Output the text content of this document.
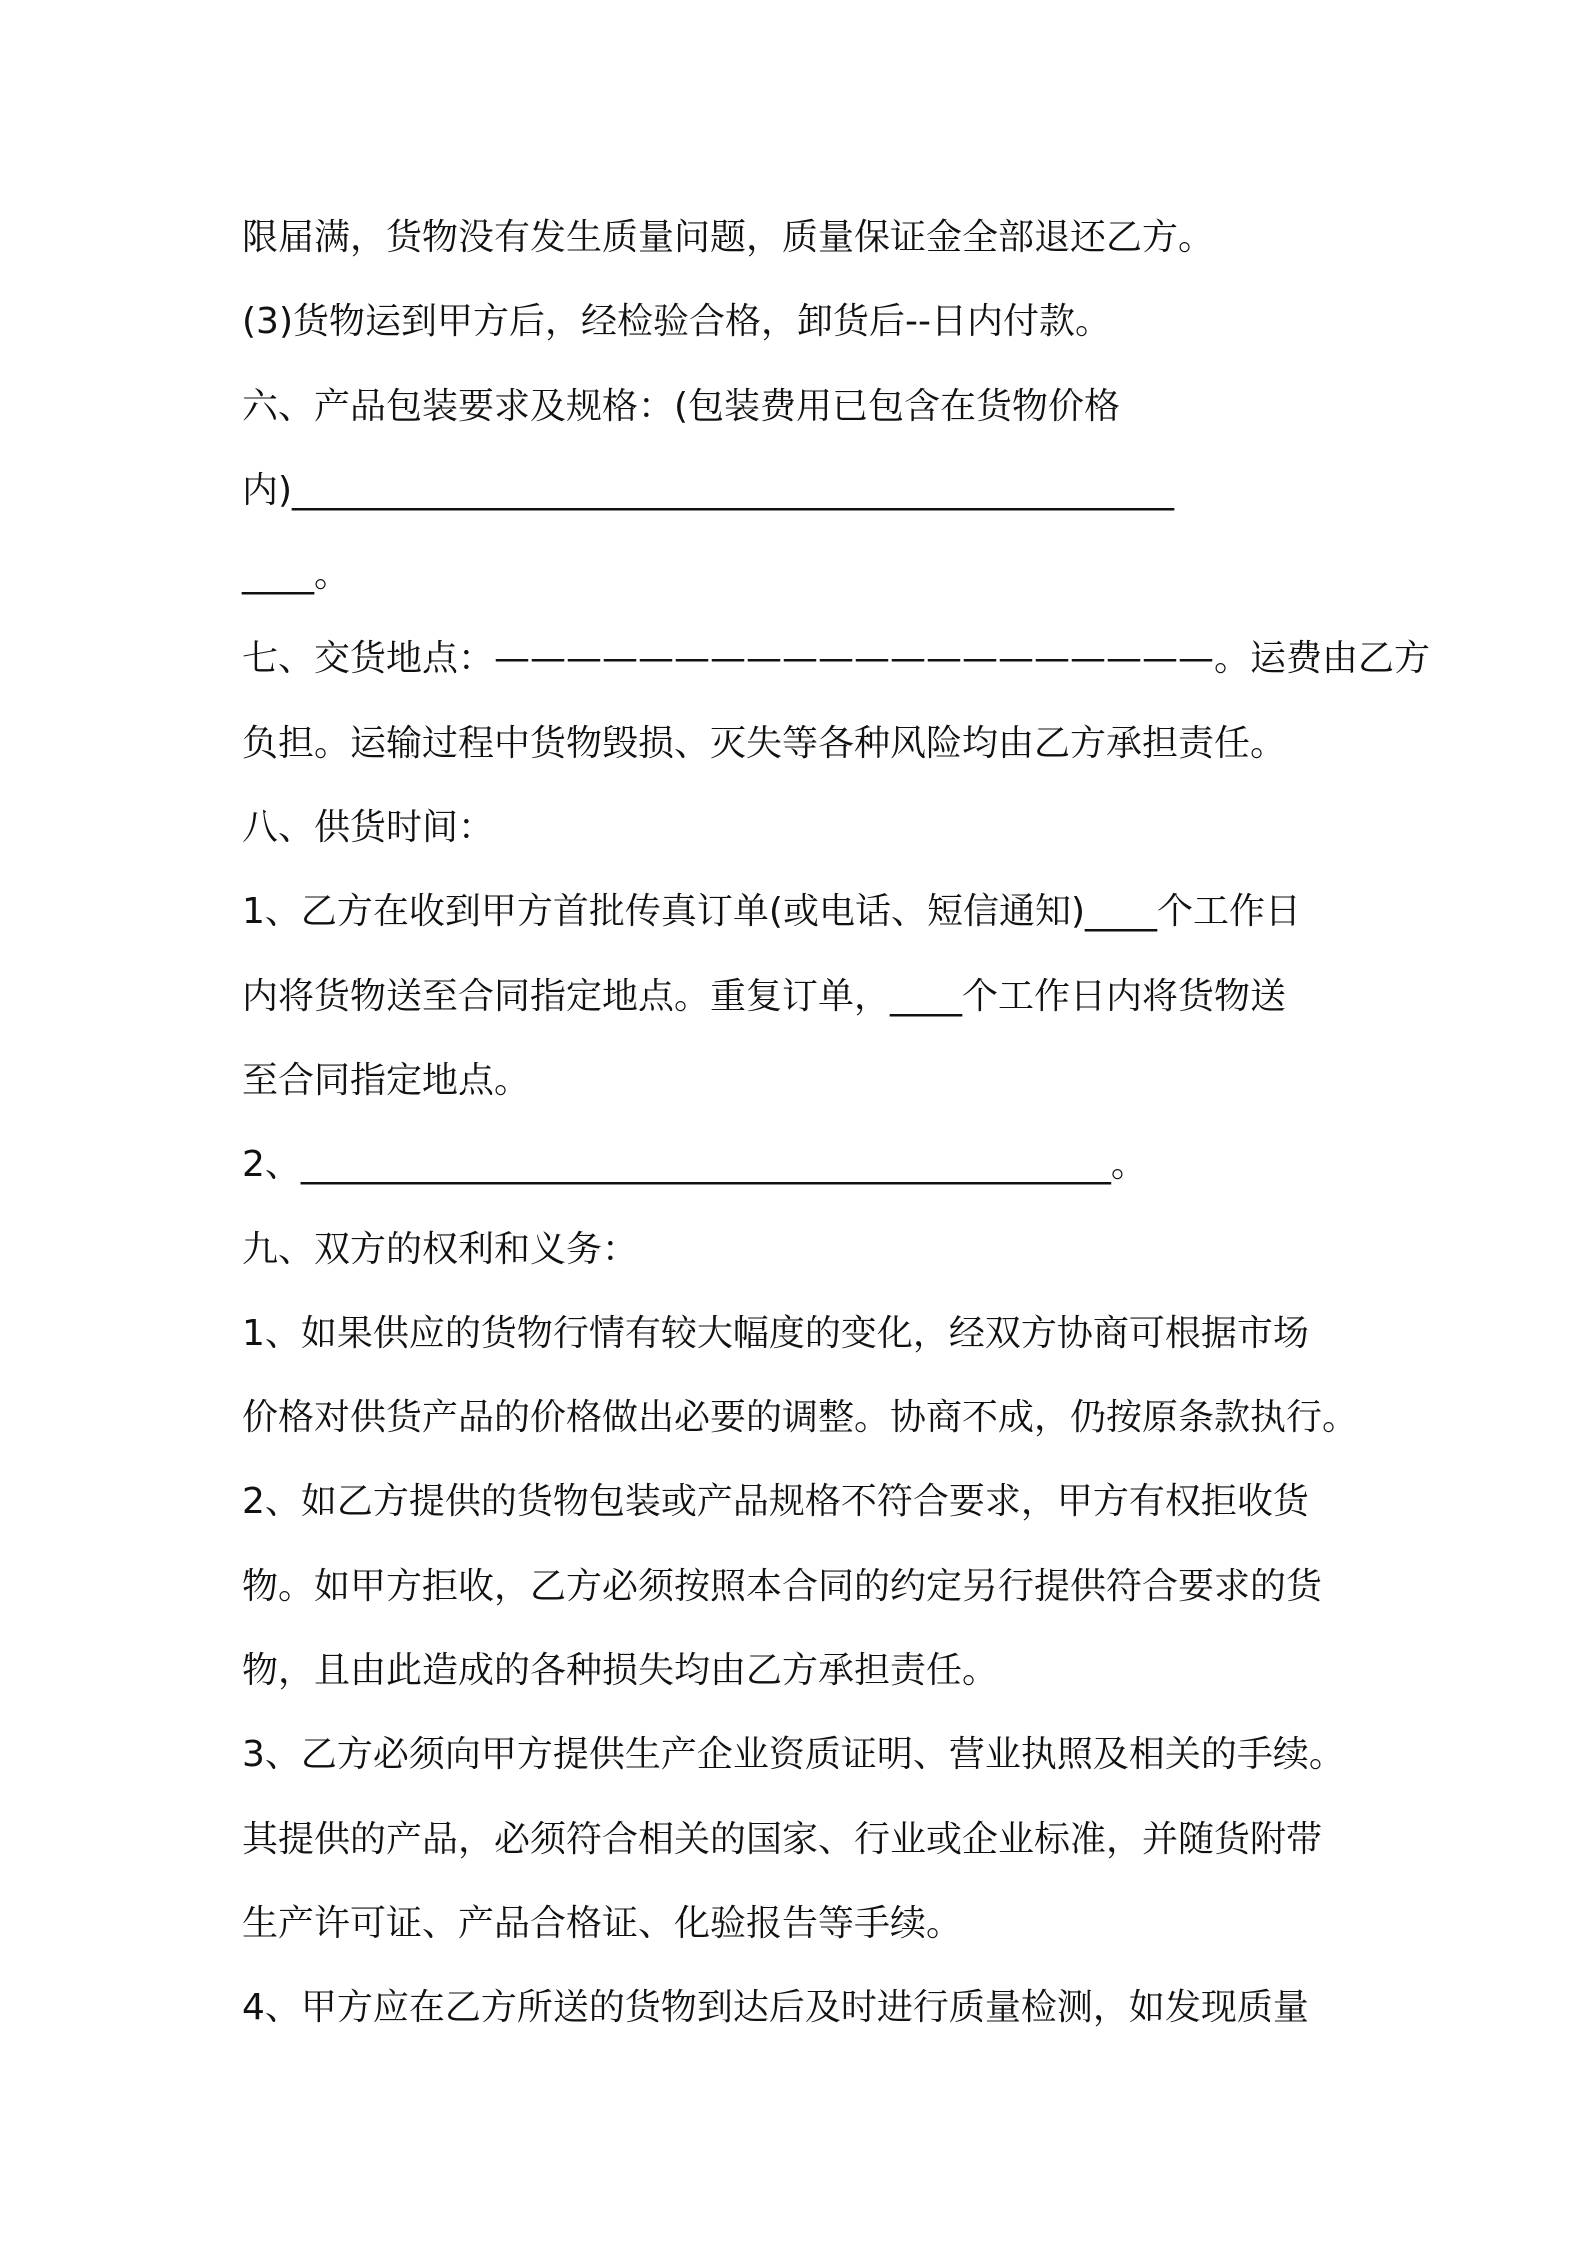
限届满，货物没有发生质量问题，质量保证金全部退还乙方。

(3)货物运到甲方后，经检验合格，卸货后--日内付款。

六、产品包装要求及规格：(包装费用已包含在货物价格

内)_________________________________________________

____。

七、交货地点：————————————————————。运费由乙方

负担。运输过程中货物毁损、灭失等各种风险均由乙方承担责任。

八、供货时间：

1、乙方在收到甲方首批传真订单(或电话、短信通知)____个工作日

内将货物送至合同指定地点。重复订单，____个工作日内将货物送

至合同指定地点。

2、_____________________________________________。

九、双方的权利和义务：

1、如果供应的货物行情有较大幅度的变化，经双方协商可根据市场

价格对供货产品的价格做出必要的调整。协商不成，仍按原条款执行。

2、如乙方提供的货物包装或产品规格不符合要求，甲方有权拒收货

物。如甲方拒收，乙方必须按照本合同的约定另行提供符合要求的货

物，且由此造成的各种损失均由乙方承担责任。

3、乙方必须向甲方提供生产企业资质证明、营业执照及相关的手续。

其提供的产品，必须符合相关的国家、行业或企业标准，并随货附带

生产许可证、产品合格证、化验报告等手续。

4、甲方应在乙方所送的货物到达后及时进行质量检测，如发现质量
